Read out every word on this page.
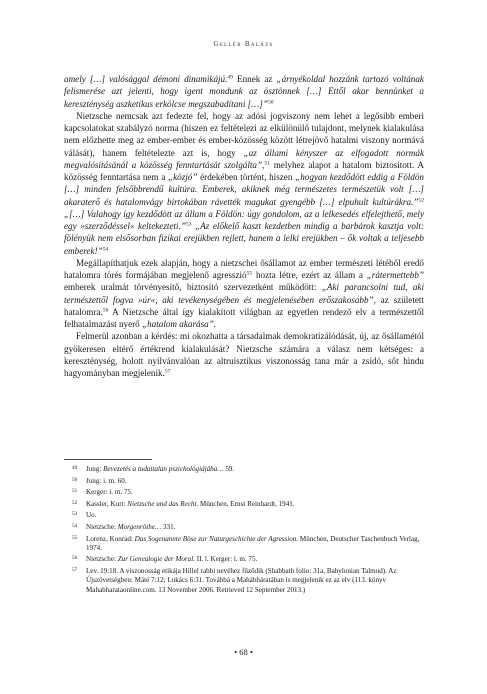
Gellér Balázs

amely […] valósággal démoni dinamikájú.$^{49}$ Ennek az „árnyékoldal hozzánk tartozó voltának felismerése azt jelenti, hogy igent mondunk az ösztönnek […] Ettől akar bennünket a kereszténység aszketikus erkölcse megszabadítani […]”$^{50}$

Nietzsche nemcsak azt fedezte fel, hogy az adósi jogviszony nem lehet a legősibb emberi kapcsolatokat szabályzó norma (hiszen ez feltételezi az elkülönülő tulajdont, melynek kialakulása nem előzhette meg az ember-ember és ember-közösség között létrejövő hatalmi viszony normává válását), hanem feltételezte azt is, hogy „az állami kényszer az elfogadott normák megvalósításánál a közösség fenntartását szolgálta”,$^{51}$ melyhez alapot a hatalom biztosított. A közösség fenntartása nem a „közjó” érdekében történt, hiszen „hogyan kezdődött eddig a Földön […] minden felsőbbrendű kultúra. Emberek, akiknek még természetes természetük volt […] akaraterő és hatalomvágy birtokában rávették magukat gyengébb […] elpuhult kultúrákra.”$^{52}$ „[…] Valahogy így kezdődött az állam a Földön: úgy gondolom, az a lelkesedés elfelejthető, mely egy »szerződéssel« keltekezteti.”$^{53}$ „Az előkelő kaszt kezdetben mindig a barbárok kasztja volt: fölényük nem elsősorban fizikai erejükben rejlett, hanem a lelki erejükben – ők voltak a teljesebb emberek!”$^{54}$

Megállapíthatjuk ezek alapján, hogy a nietzschei ősállamot az ember természeti létéből eredő hatalomra törés formájában megjelenő agresszió$^{55}$ hozta létre, ezért az állam a „rátermettebb” emberek uralmát törvényesítő, biztosító szervezetként működött: „Aki parancsolni tud, aki természettől fogva »úr«, aki tevékenységében és megjelenésében erőszakosabb”, az született hatalomra.$^{56}$ A Nietzsche által így kialakított világban az egyetlen rendező elv a természettől felhatalmazást nyerő „hatalom akarása”.

Felmerül azonban a kérdés: mi okozhatta a társadalmak demokratizálódását, új, az ősállamétól gyökeresen eltérő értékrend kialakulását? Nietzsche számára a válasz nem kétséges: a kereszténység, holott nyilvánvalóan az altruisztikus viszonosság tana már a zsidó, sőt hindu hagyományban megjelenik.$^{57}$

49 Jung: Bevezetés a tudattalan pszichológiájába… 59.
50 Jung: i. m. 60.
51 Kerger: i. m. 75.
52 Kassler, Kurt: Nietzsche und das Recht. München, Ernst Reinhardt, 1941.
53 Uo.
54 Nietzsche: Morgenröthe… 331.
55 Lorenz, Konrad: Das Sogenannte Böse zur Naturgeschichte der Agression. München, Deutscher Taschenbuch Verlag, 1974.
56 Nietzsche: Zur Genealogie der Moral. II. l. Kerger: i. m. 75.
57 Lev. 19:18. A viszonosság etikája Hillel rabbi nevéhez fűződik (Shabbath folio: 31a, Babylonian Talmud). Az Újszövetségben: Máté 7:12; Lukács 6:31. Továbbá a Mahábháratában is megjelenik ez az elv (113. könyv Mahabharataonline.com. 13 November 2006. Retrieved 12 September 2013.)
• 68 •
